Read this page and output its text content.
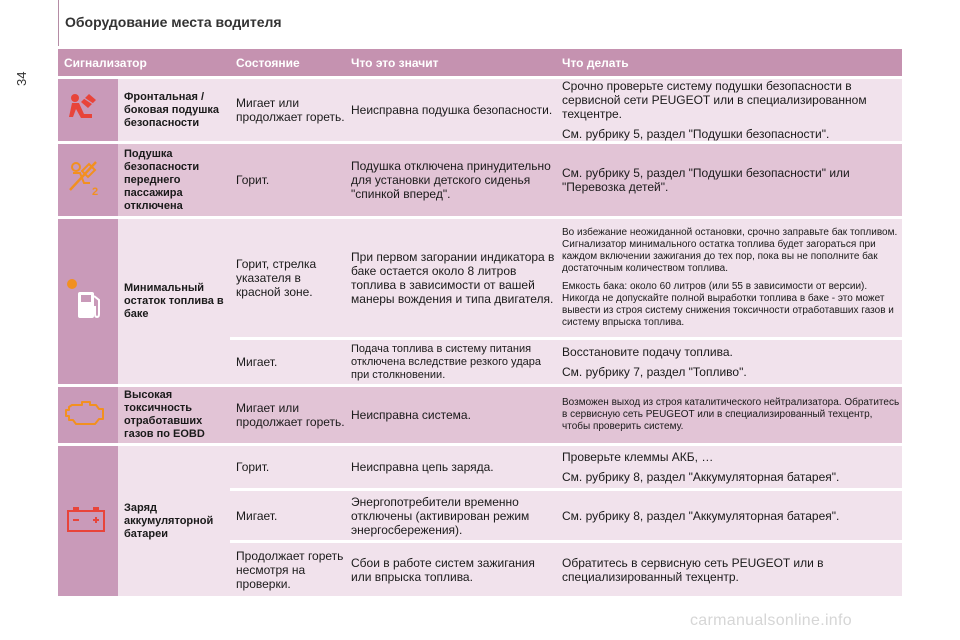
34
Оборудование места водителя
Сигнализатор		Состояние	Что это значит	Что делать
	Фронтальная / боковая подушка безопасности	Мигает или продолжает гореть.	Неисправна подушка безопасности.	Срочно проверьте систему подушки безопасности в сервисной сети PEUGEOT или в специализированном техцентре.

См. рубрику 5, раздел "Подушки безопасности".

2	Подушка безопасности переднего пассажира отключена	Горит.	Подушка отключена принудительно для установки детского сиденья "спинкой вперед".	См. рубрику 5, раздел "Подушки безопасности" или "Перевозка детей".

	Минимальный остаток топлива в баке	Горит, стрелка указателя в красной зоне.	При первом загорании индикатора в баке остается около 8 литров топлива в зависимости от вашей манеры вождения и типа двигателя.	Во избежание неожиданной остановки, срочно заправьте бак топливом. Сигнализатор минимального остатка топлива будет загораться при каждом включении зажигания до тех пор, пока вы не пополните бак достаточным количеством топлива.

Емкость бака: около 60 литров (или 55 в зависимости от версии). Никогда не допускайте полной выработки топлива в баке - это может вывести из строя систему снижения токсичности отработавших газов и систему впрыска топлива.

		Мигает.	Подача топлива в систему питания отключена вследствие резкого удара при столкновении.	Восстановите подачу топлива.

См. рубрику 7, раздел "Топливо".

	Высокая токсичность отработавших газов по EOBD	Мигает или продолжает гореть.	Неисправна система.	Возможен выход из строя каталитического нейтрализатора. Обратитесь в сервисную сеть PEUGEOT или в специализированный техцентр, чтобы проверить систему.

	Заряд аккумуляторной батареи	Горит.	Неисправна цепь заряда.	Проверьте клеммы АКБ, …

См. рубрику 8, раздел "Аккумуляторная батарея".

		Мигает.	Энергопотребители временно отключены (активирован режим энергосбережения).	См. рубрику 8, раздел "Аккумуляторная батарея".

		Продолжает гореть несмотря на проверки.	Сбои в работе систем зажигания или впрыска топлива.	Обратитесь в сервисную сеть PEUGEOT или в специализированный техцентр.

carmanualsonline.info
